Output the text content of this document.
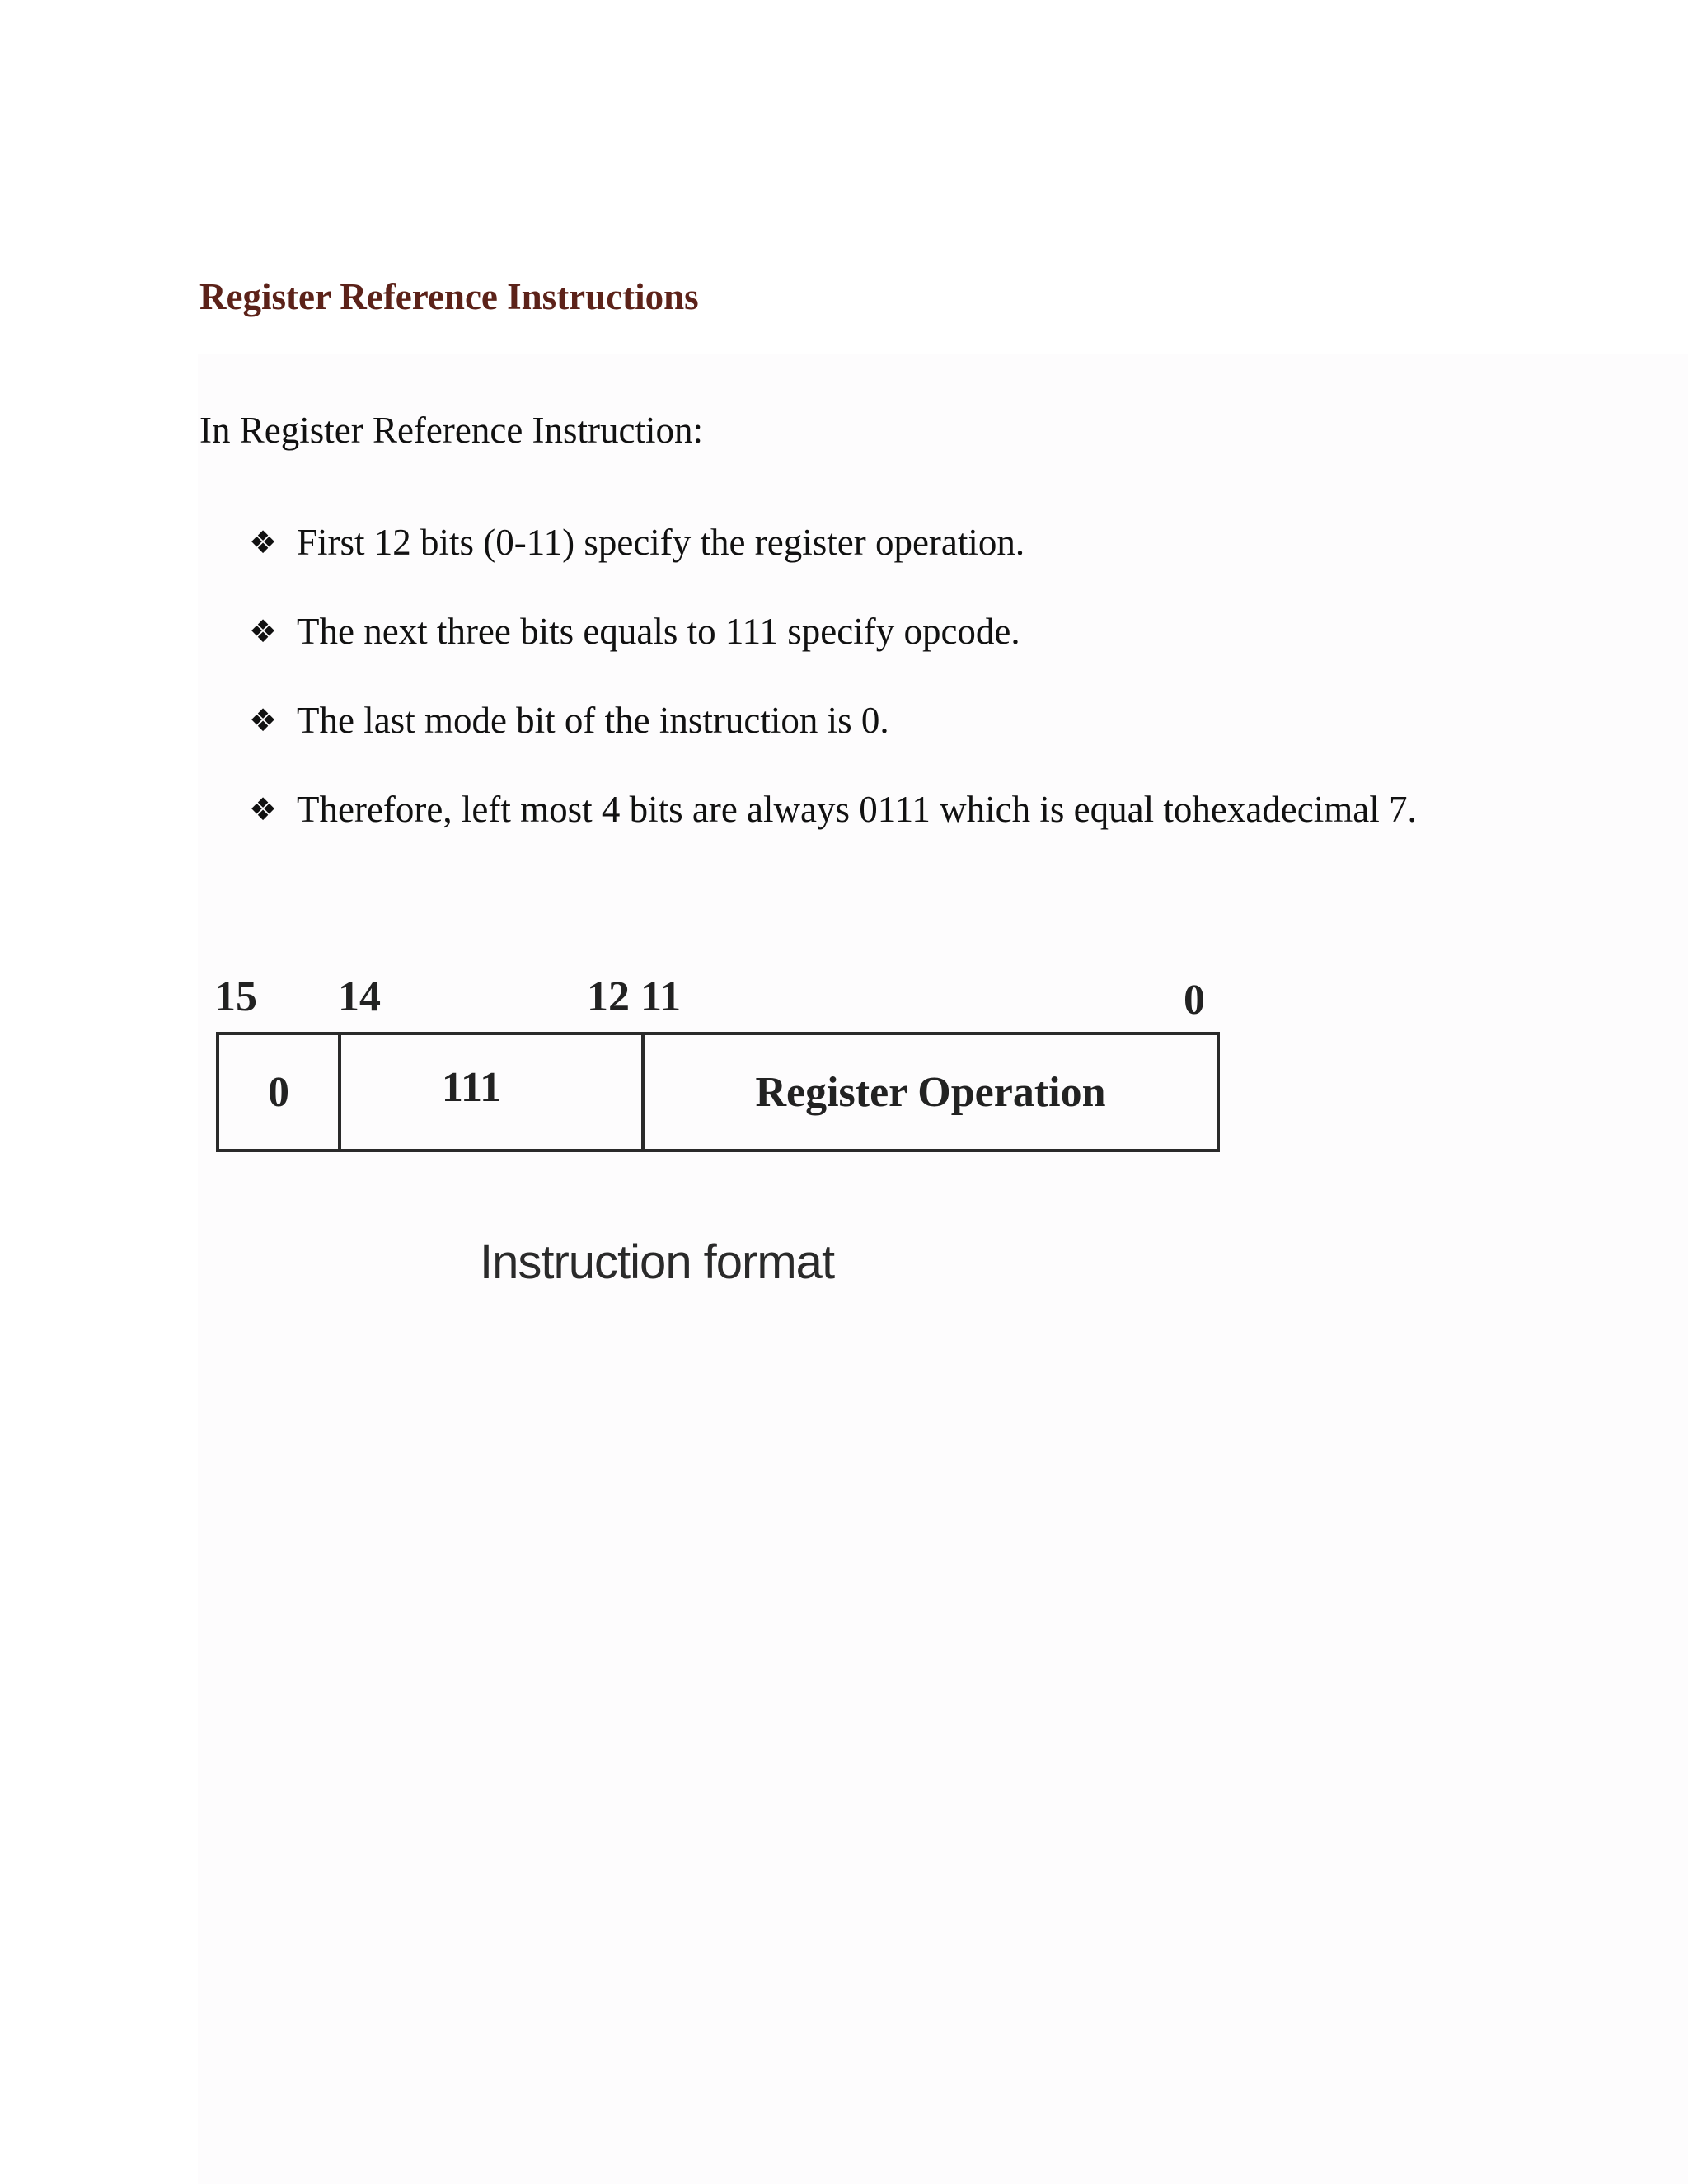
Register Reference Instructions
In Register Reference Instruction:
❖ First 12 bits (0-11) specify the register operation.
❖ The next three bits equals to 111 specify opcode.
❖ The last mode bit of the instruction is 0.
❖ Therefore, left most 4 bits are always 0111 which is equal tohexadecimal 7.
15 14	12 11	0
0	111	Register Operation
Instruction format
